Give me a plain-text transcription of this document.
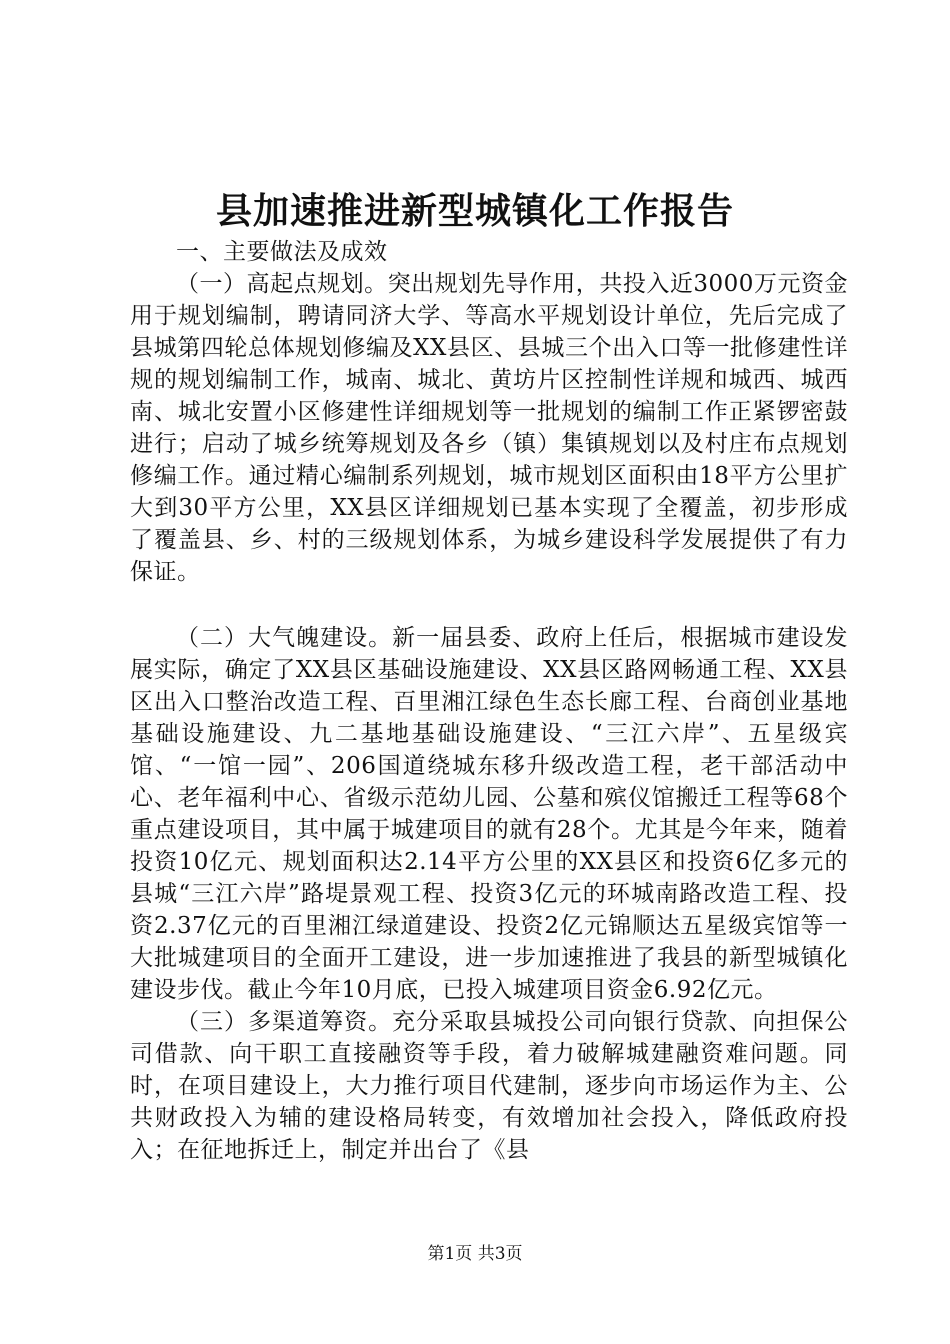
县加速推进新型城镇化工作报告

一、主要做法及成效

（一）高起点规划。突出规划先导作用，共投入近3000万元资金用于规划编制，聘请同济大学、等高水平规划设计单位，先后完成了县城第四轮总体规划修编及XX县区、县城三个出入口等一批修建性详规的规划编制工作，城南、城北、黄坊片区控制性详规和城西、城西南、城北安置小区修建性详细规划等一批规划的编制工作正紧锣密鼓进行；启动了城乡统筹规划及各乡（镇）集镇规划以及村庄布点规划修编工作。通过精心编制系列规划，城市规划区面积由18平方公里扩大到30平方公里，XX县区详细规划已基本实现了全覆盖，初步形成了覆盖县、乡、村的三级规划体系，为城乡建设科学发展提供了有力保证。

（二）大气魄建设。新一届县委、政府上任后，根据城市建设发展实际，确定了XX县区基础设施建设、XX县区路网畅通工程、XX县区出入口整治改造工程、百里湘江绿色生态长廊工程、台商创业基地基础设施建设、九二基地基础设施建设、“三江六岸”、五星级宾馆、“一馆一园”、206国道绕城东移升级改造工程，老干部活动中心、老年福利中心、省级示范幼儿园、公墓和殡仪馆搬迁工程等68个重点建设项目，其中属于城建项目的就有28个。尤其是今年来，随着投资10亿元、规划面积达2.14平方公里的XX县区和投资6亿多元的县城“三江六岸”路堤景观工程、投资3亿元的环城南路改造工程、投资2.37亿元的百里湘江绿道建设、投资2亿元锦顺达五星级宾馆等一大批城建项目的全面开工建设，进一步加速推进了我县的新型城镇化建设步伐。截止今年10月底，已投入城建项目资金6.92亿元。

（三）多渠道筹资。充分采取县城投公司向银行贷款、向担保公司借款、向干职工直接融资等手段，着力破解城建融资难问题。同时，在项目建设上，大力推行项目代建制，逐步向市场运作为主、公共财政投入为辅的建设格局转变，有效增加社会投入，降低政府投入；在征地拆迁上，制定并出台了《县

第1页 共3页
